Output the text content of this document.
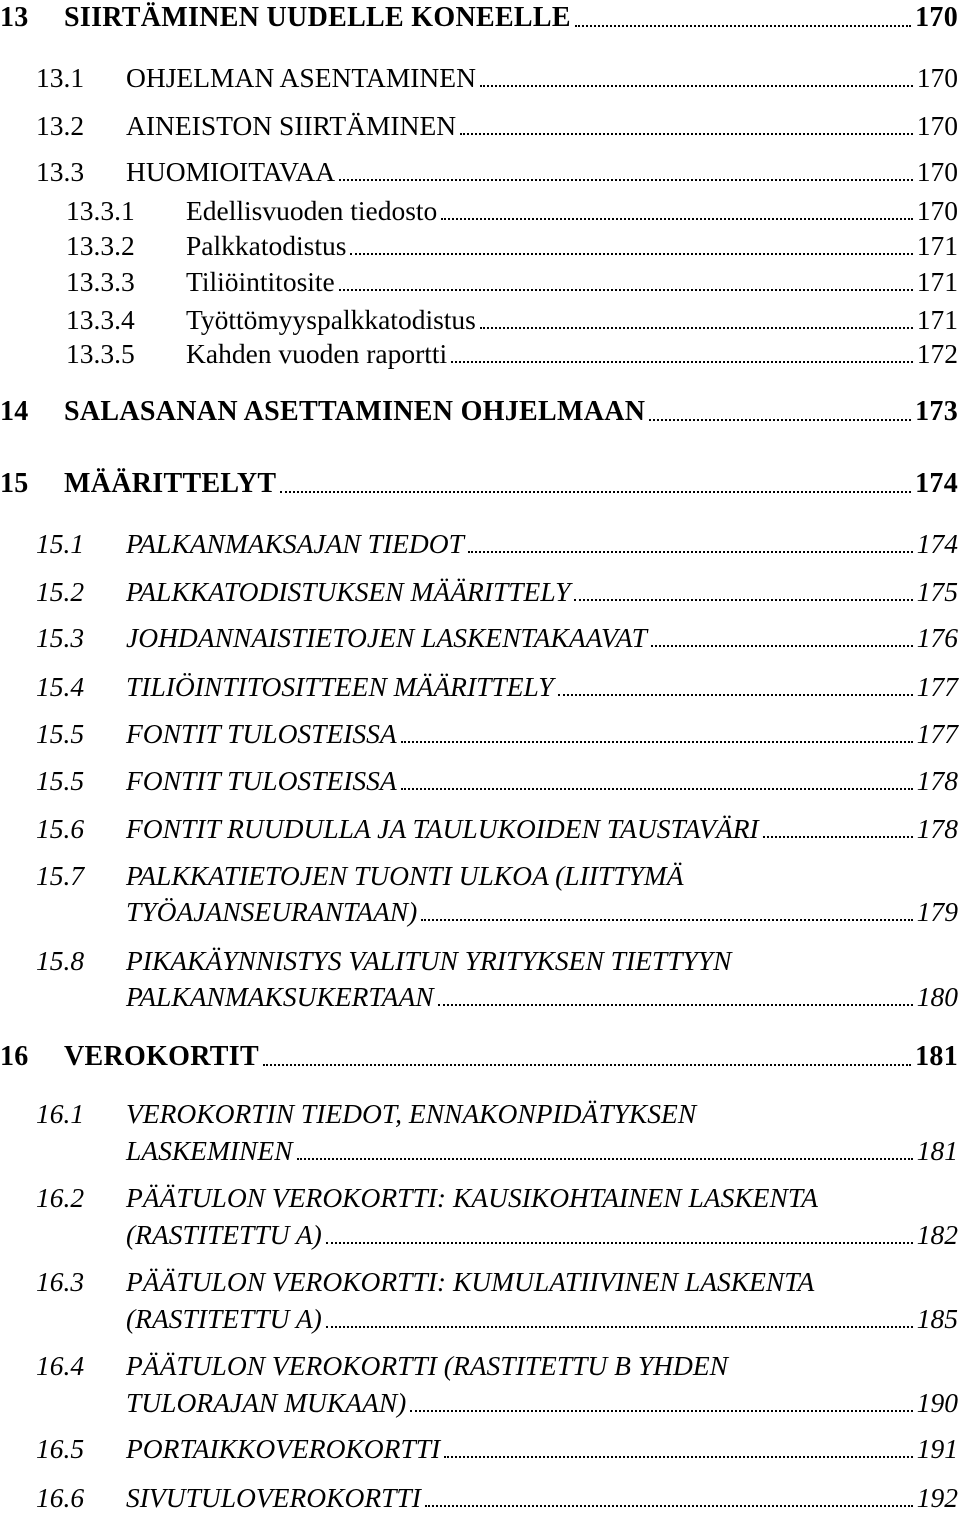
13 SIIRTÄMINEN UUDELLE KONEELLE	170
13.1 OHJELMAN ASENTAMINEN	170
13.2 AINEISTON SIIRTÄMINEN	170
13.3 HUOMIOITAVAA	170
13.3.1 Edellisvuoden tiedosto	170
13.3.2 Palkkatodistus	171
13.3.3 Tiliöintitosite	171
13.3.4 Työttömyyspalkkatodistus	171
13.3.5 Kahden vuoden raportti	172
14 SALASANAN ASETTAMINEN OHJELMAAN	173
15 MÄÄRITTELYT	174
15.1 PALKANMAKSAJAN TIEDOT	174
15.2 PALKKATODISTUKSEN MÄÄRITTELY	175
15.3 JOHDANNAISTIETOJEN LASKENTAKAAVAT	176
15.4 TILIÖINTITOSITTEEN MÄÄRITTELY	177
15.5 FONTIT TULOSTEISSA	177
15.5 FONTIT TULOSTEISSA	178
15.6 FONTIT RUUDULLA JA TAULUKOIDEN TAUSTAVÄRI	178
15.7 PALKKATIETOJEN TUONTI ULKOA (LIITTYMÄ
TYÖAJANSEURANTAAN)	179
15.8 PIKAKÄYNNISTYS VALITUN YRITYKSEN TIETTYYN
PALKANMAKSUKERTAAN	180
16 VEROKORTIT	181
16.1 VEROKORTIN TIEDOT, ENNAKONPIDÄTYKSEN
LASKEMINEN	181
16.2 PÄÄTULON VEROKORTTI: KAUSIKOHTAINEN LASKENTA
(RASTITETTU A)	182
16.3 PÄÄTULON VEROKORTTI: KUMULATIIVINEN LASKENTA
(RASTITETTU A)	185
16.4 PÄÄTULON VEROKORTTI (RASTITETTU B YHDEN
TULORAJAN MUKAAN)	190
16.5 PORTAIKKOVEROKORTTI	191
16.6 SIVUTULOVEROKORTTI	192
